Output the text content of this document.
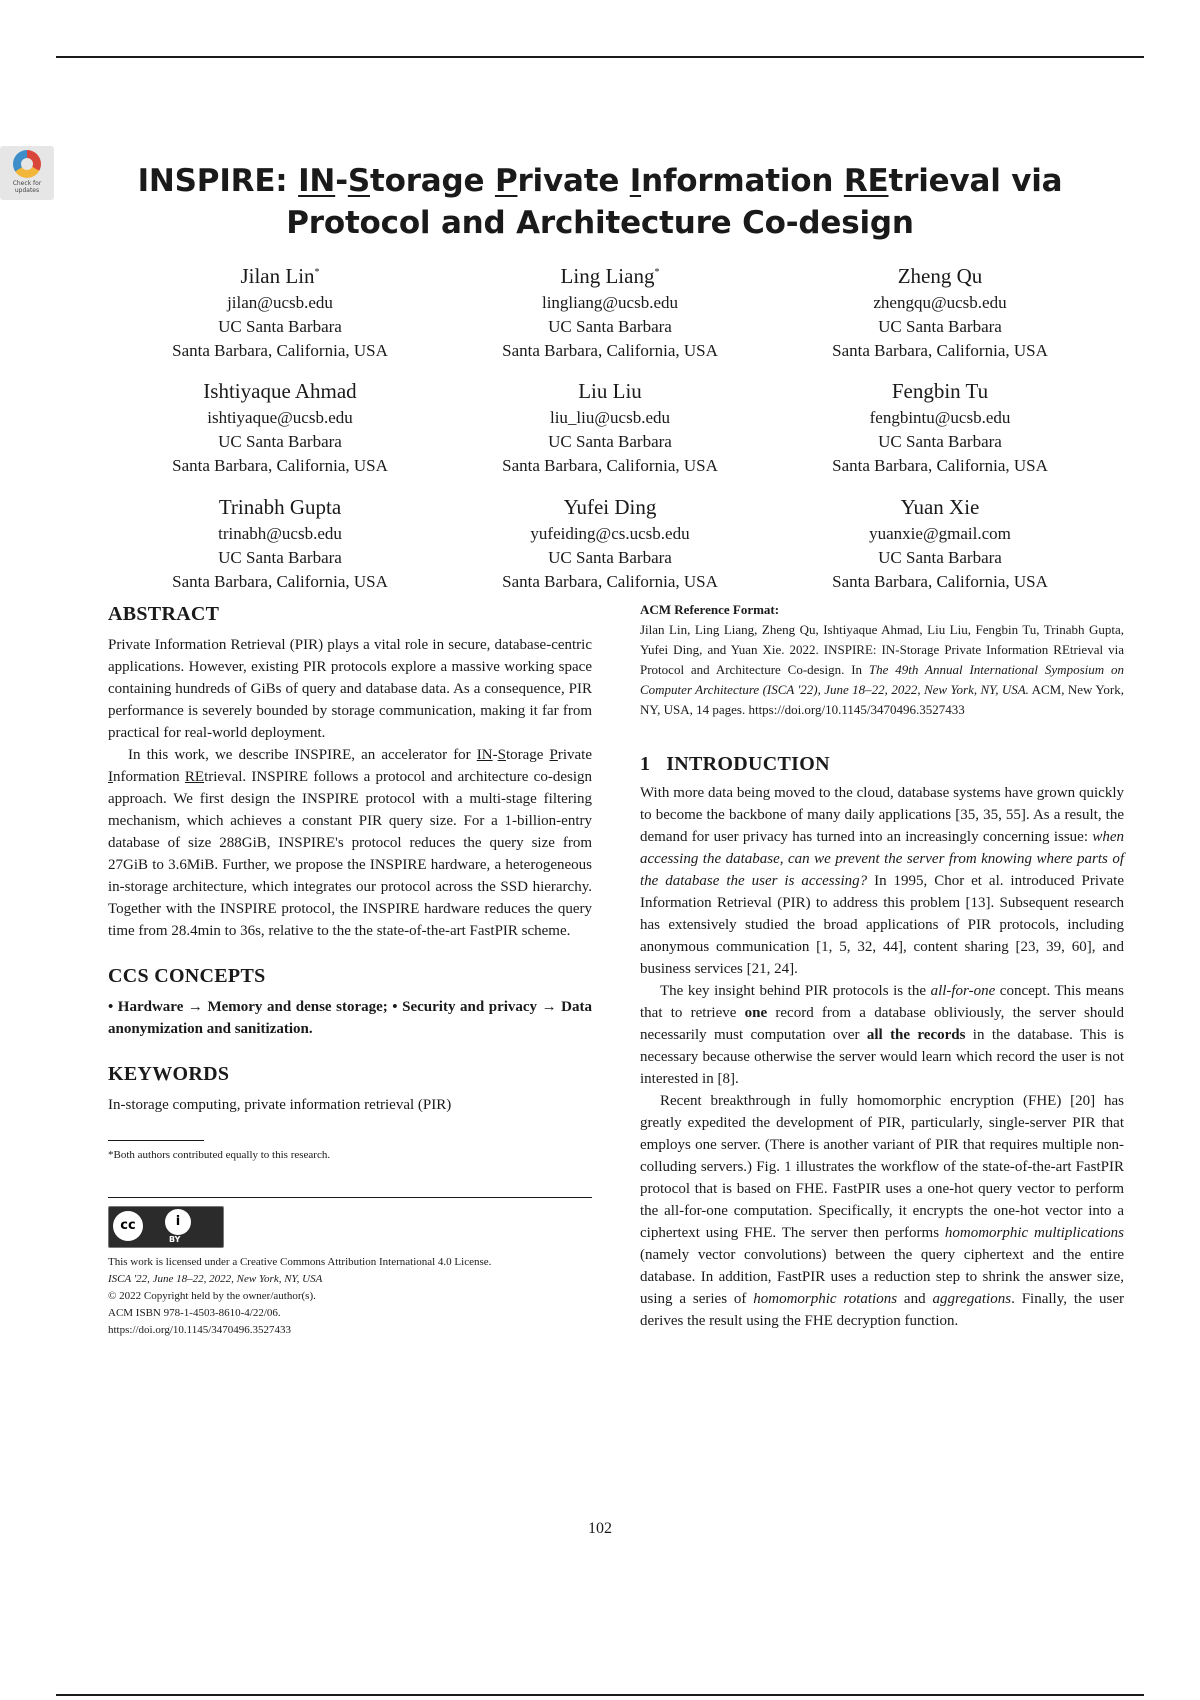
Check for updates	INSPIRE: IN-Storage Private Information REtrieval via Protocol and Architecture Co-design
Jilan Lin*
jilan@ucsb.edu
UC Santa Barbara
Santa Barbara, California, USA
Ling Liang*
lingliang@ucsb.edu
UC Santa Barbara
Santa Barbara, California, USA
Zheng Qu
zhengqu@ucsb.edu
UC Santa Barbara
Santa Barbara, California, USA
Ishtiyaque Ahmad
ishtiyaque@ucsb.edu
UC Santa Barbara
Santa Barbara, California, USA
Liu Liu
liu_liu@ucsb.edu
UC Santa Barbara
Santa Barbara, California, USA
Fengbin Tu
fengbintu@ucsb.edu
UC Santa Barbara
Santa Barbara, California, USA
Trinabh Gupta
trinabh@ucsb.edu
UC Santa Barbara
Santa Barbara, California, USA
Yufei Ding
yufeiding@cs.ucsb.edu
UC Santa Barbara
Santa Barbara, California, USA
Yuan Xie
yuanxie@gmail.com
UC Santa Barbara
Santa Barbara, California, USA
ABSTRACT

Private Information Retrieval (PIR) plays a vital role in secure, database-centric applications. However, existing PIR protocols explore a massive working space containing hundreds of GiBs of query and database data. As a consequence, PIR performance is severely bounded by storage communication, making it far from practical for real-world deployment.

In this work, we describe INSPIRE, an accelerator for IN-Storage Private Information REtrieval. INSPIRE follows a protocol and architecture co-design approach. We first design the INSPIRE protocol with a multi-stage filtering mechanism, which achieves a constant PIR query size. For a 1-billion-entry database of size 288GiB, INSPIRE's protocol reduces the query size from 27GiB to 3.6MiB. Further, we propose the INSPIRE hardware, a heterogeneous in-storage architecture, which integrates our protocol across the SSD hierarchy. Together with the INSPIRE protocol, the INSPIRE hardware reduces the query time from 28.4min to 36s, relative to the the state-of-the-art FastPIR scheme.

CCS CONCEPTS

• Hardware → Memory and dense storage; • Security and privacy → Data anonymization and sanitization.

KEYWORDS

In-storage computing, private information retrieval (PIR)

*Both authors contributed equally to this research.
cc	i
BY
This work is licensed under a Creative Commons Attribution International 4.0 License.
ISCA '22, June 18–22, 2022, New York, NY, USA
© 2022 Copyright held by the owner/author(s).
ACM ISBN 978-1-4503-8610-4/22/06.
https://doi.org/10.1145/3470496.3527433

ACM Reference Format:

Jilan Lin, Ling Liang, Zheng Qu, Ishtiyaque Ahmad, Liu Liu, Fengbin Tu, Trinabh Gupta, Yufei Ding, and Yuan Xie. 2022. INSPIRE: IN-Storage Private Information REtrieval via Protocol and Architecture Co-design. In The 49th Annual International Symposium on Computer Architecture (ISCA '22), June 18–22, 2022, New York, NY, USA. ACM, New York, NY, USA, 14 pages. https://doi.org/10.1145/3470496.3527433

1   INTRODUCTION

With more data being moved to the cloud, database systems have grown quickly to become the backbone of many daily applications [35, 35, 55]. As a result, the demand for user privacy has turned into an increasingly concerning issue: when accessing the database, can we prevent the server from knowing where parts of the database the user is accessing? In 1995, Chor et al. introduced Private Information Retrieval (PIR) to address this problem [13]. Subsequent research has extensively studied the broad applications of PIR protocols, including anonymous communication [1, 5, 32, 44], content sharing [23, 39, 60], and business services [21, 24].

The key insight behind PIR protocols is the all-for-one concept. This means that to retrieve one record from a database obliviously, the server should necessarily must computation over all the records in the database. This is necessary because otherwise the server would learn which record the user is not interested in [8].

Recent breakthrough in fully homomorphic encryption (FHE) [20] has greatly expedited the development of PIR, particularly, single-server PIR that employs one server. (There is another variant of PIR that requires multiple non-colluding servers.) Fig. 1 illustrates the workflow of the state-of-the-art FastPIR protocol that is based on FHE. FastPIR uses a one-hot query vector to perform the all-for-one computation. Specifically, it encrypts the one-hot vector into a ciphertext using FHE. The server then performs homomorphic multiplications (namely vector convolutions) between the query ciphertext and the entire database. In addition, FastPIR uses a reduction step to shrink the answer size, using a series of homomorphic rotations and aggregations. Finally, the user derives the result using the FHE decryption function.

102
